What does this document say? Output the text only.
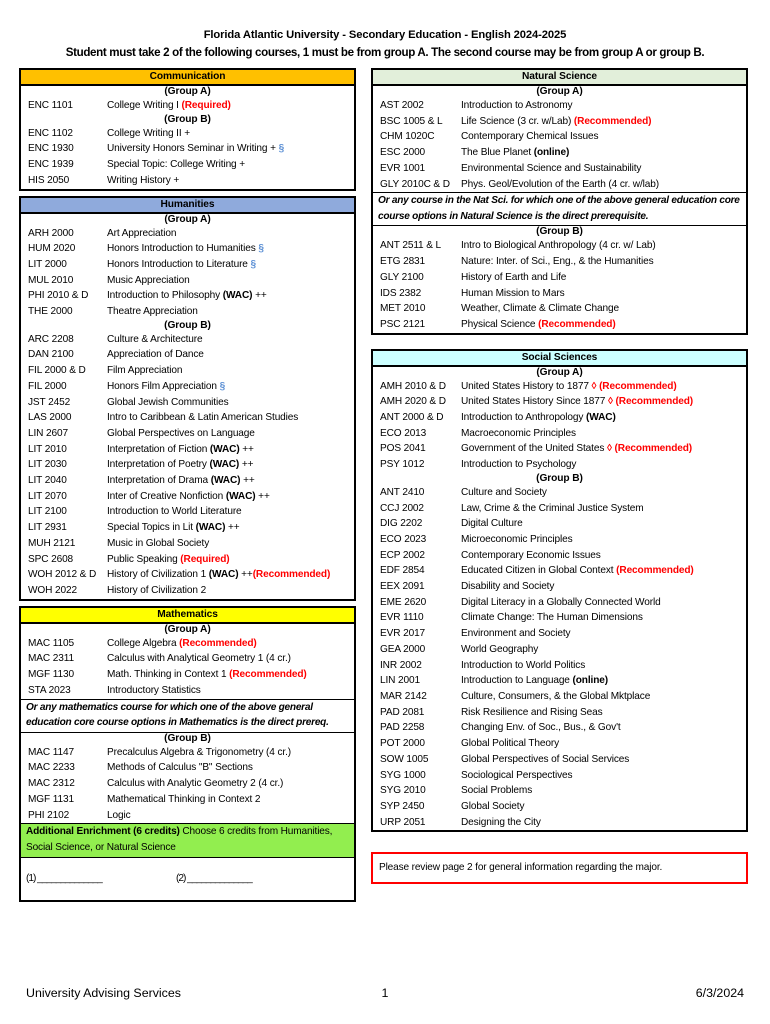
Florida Atlantic University - Secondary Education - English 2024-2025
Student must take 2 of the following courses, 1 must be from group A. The second course may be from group A or group B.
Communication
(Group A)
ENC 1101	College Writing I (Required)
(Group B)
ENC 1102	College Writing II +
ENC 1930	University Honors Seminar in Writing + §
ENC 1939	Special Topic: College Writing +
HIS 2050	Writing History +
Humanities
(Group A)
ARH 2000	Art Appreciation
HUM 2020	Honors Introduction to Humanities §
LIT 2000	Honors Introduction to Literature §
MUL 2010	Music Appreciation
PHI 2010 & D	Introduction to Philosophy (WAC) ++
THE 2000	Theatre Appreciation
(Group B)
ARC 2208	Culture & Architecture
DAN 2100	Appreciation of Dance
FIL 2000 & D	Film Appreciation
FIL 2000	Honors Film Appreciation §
JST 2452	Global Jewish Communities
LAS 2000	Intro to Caribbean & Latin American Studies
LIN 2607	Global Perspectives on Language
LIT 2010	Interpretation of Fiction (WAC) ++
LIT 2030	Interpretation of Poetry (WAC) ++
LIT 2040	Interpretation of Drama (WAC) ++
LIT 2070	Inter of Creative Nonfiction (WAC) ++
LIT 2100	Introduction to World Literature
LIT 2931	Special Topics in Lit (WAC) ++
MUH 2121	Music in Global Society
SPC 2608	Public Speaking (Required)
WOH 2012 & D	History of Civilization 1 (WAC) ++(Recommended)
WOH 2022	History of Civilization 2
Mathematics
(Group A)
MAC 1105	College Algebra (Recommended)
MAC 2311	Calculus with Analytical Geometry 1 (4 cr.)
MGF 1130	Math. Thinking in Context 1 (Recommended)
STA 2023	Introductory Statistics
Or any mathematics course for which one of the above general education core course options in Mathematics is the direct prereq.
(Group B)
MAC 1147	Precalculus Algebra & Trigonometry (4 cr.)
MAC 2233	Methods of Calculus "B" Sections
MAC 2312	Calculus with Analytic Geometry 2 (4 cr.)
MGF 1131	Mathematical Thinking in Context 2
PHI 2102	Logic
Additional Enrichment (6 credits) Choose 6 credits from Humanities, Social Science, or Natural Science
(1) ______________	(2) ______________
Natural Science
(Group A)
AST 2002	Introduction to Astronomy
BSC 1005 & L	Life Science (3 cr. w/Lab) (Recommended)
CHM 1020C	Contemporary Chemical Issues
ESC 2000	The Blue Planet (online)
EVR 1001	Environmental Science and Sustainability
GLY 2010C & D	Phys. Geol/Evolution of the Earth (4 cr. w/lab)
Or any course in the Nat Sci. for which one of the above general education core course options in Natural Science is the direct prerequisite.
(Group B)
ANT 2511 & L	Intro to Biological Anthropology (4 cr. w/ Lab)
ETG 2831	Nature: Inter. of Sci., Eng., & the Humanities
GLY 2100	History of Earth and Life
IDS 2382	Human Mission to Mars
MET 2010	Weather, Climate & Climate Change
PSC 2121	Physical Science (Recommended)
Social Sciences
(Group A)
AMH 2010 & D	United States History to 1877 ◊ (Recommended)
AMH 2020 & D	United States History Since 1877 ◊ (Recommended)
ANT 2000 & D	Introduction to Anthropology (WAC)
ECO 2013	Macroeconomic Principles
POS 2041	Government of the United States ◊ (Recommended)
PSY 1012	Introduction to Psychology
(Group B)
ANT 2410	Culture and Society
CCJ 2002	Law, Crime & the Criminal Justice System
DIG 2202	Digital Culture
ECO 2023	Microeconomic Principles
ECP 2002	Contemporary Economic Issues
EDF 2854	Educated Citizen in Global Context (Recommended)
EEX 2091	Disability and Society
EME 2620	Digital Literacy in a Globally Connected World
EVR 1110	Climate Change: The Human Dimensions
EVR 2017	Environment and Society
GEA 2000	World Geography
INR 2002	Introduction to World Politics
LIN 2001	Introduction to Language (online)
MAR 2142	Culture, Consumers, & the Global Mktplace
PAD 2081	Risk Resilience and Rising Seas
PAD 2258	Changing Env. of Soc., Bus., & Gov't
POT 2000	Global Political Theory
SOW 1005	Global Perspectives of Social Services
SYG 1000	Sociological Perspectives
SYG 2010	Social Problems
SYP 2450	Global Society
URP 2051	Designing the City
Please review page 2 for general information regarding the major.
University Advising Services	1	6/3/2024
